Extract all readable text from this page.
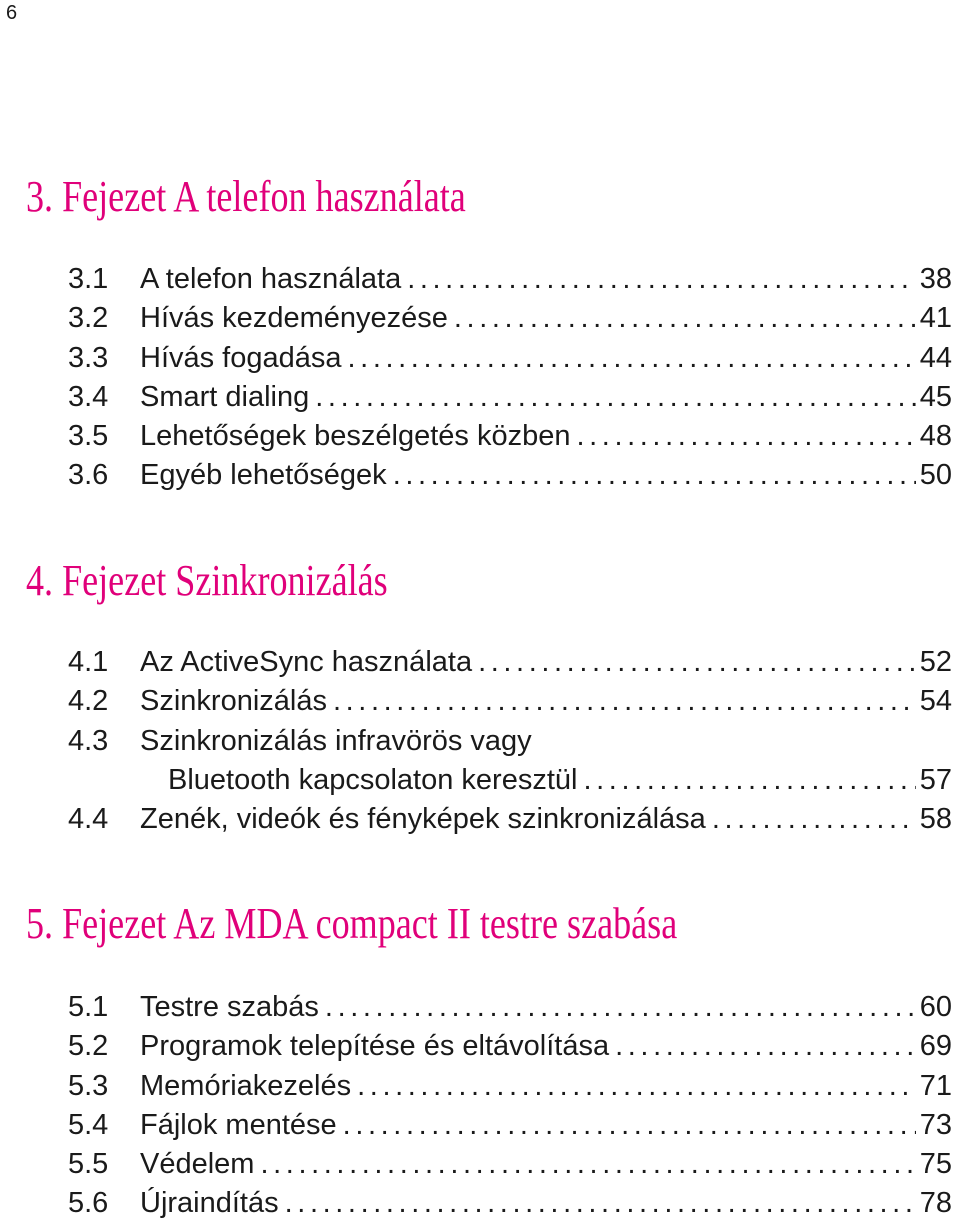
6
3. Fejezet A telefon használata
3.1	A telefon használata .....	38
3.2	Hívás kezdeményezése .....	41
3.3	Hívás fogadása .....	44
3.4	Smart dialing .....	45
3.5	Lehetőségek beszélgetés közben .....	48
3.6	Egyéb lehetőségek .....	50
4. Fejezet Szinkronizálás
4.1	Az ActiveSync használata .....	52
4.2	Szinkronizálás .....	54
4.3	Szinkronizálás infravörös vagy
Bluetooth kapcsolaton keresztül .....	57
4.4	Zenék, videók és fényképek szinkronizálása .....	58
5. Fejezet Az MDA compact II testre szabása
5.1	Testre szabás .....	60
5.2	Programok telepítése és eltávolítása .....	69
5.3	Memóriakezelés .....	71
5.4	Fájlok mentése .....	73
5.5	Védelem .....	75
5.6	Újraindítás .....	78
